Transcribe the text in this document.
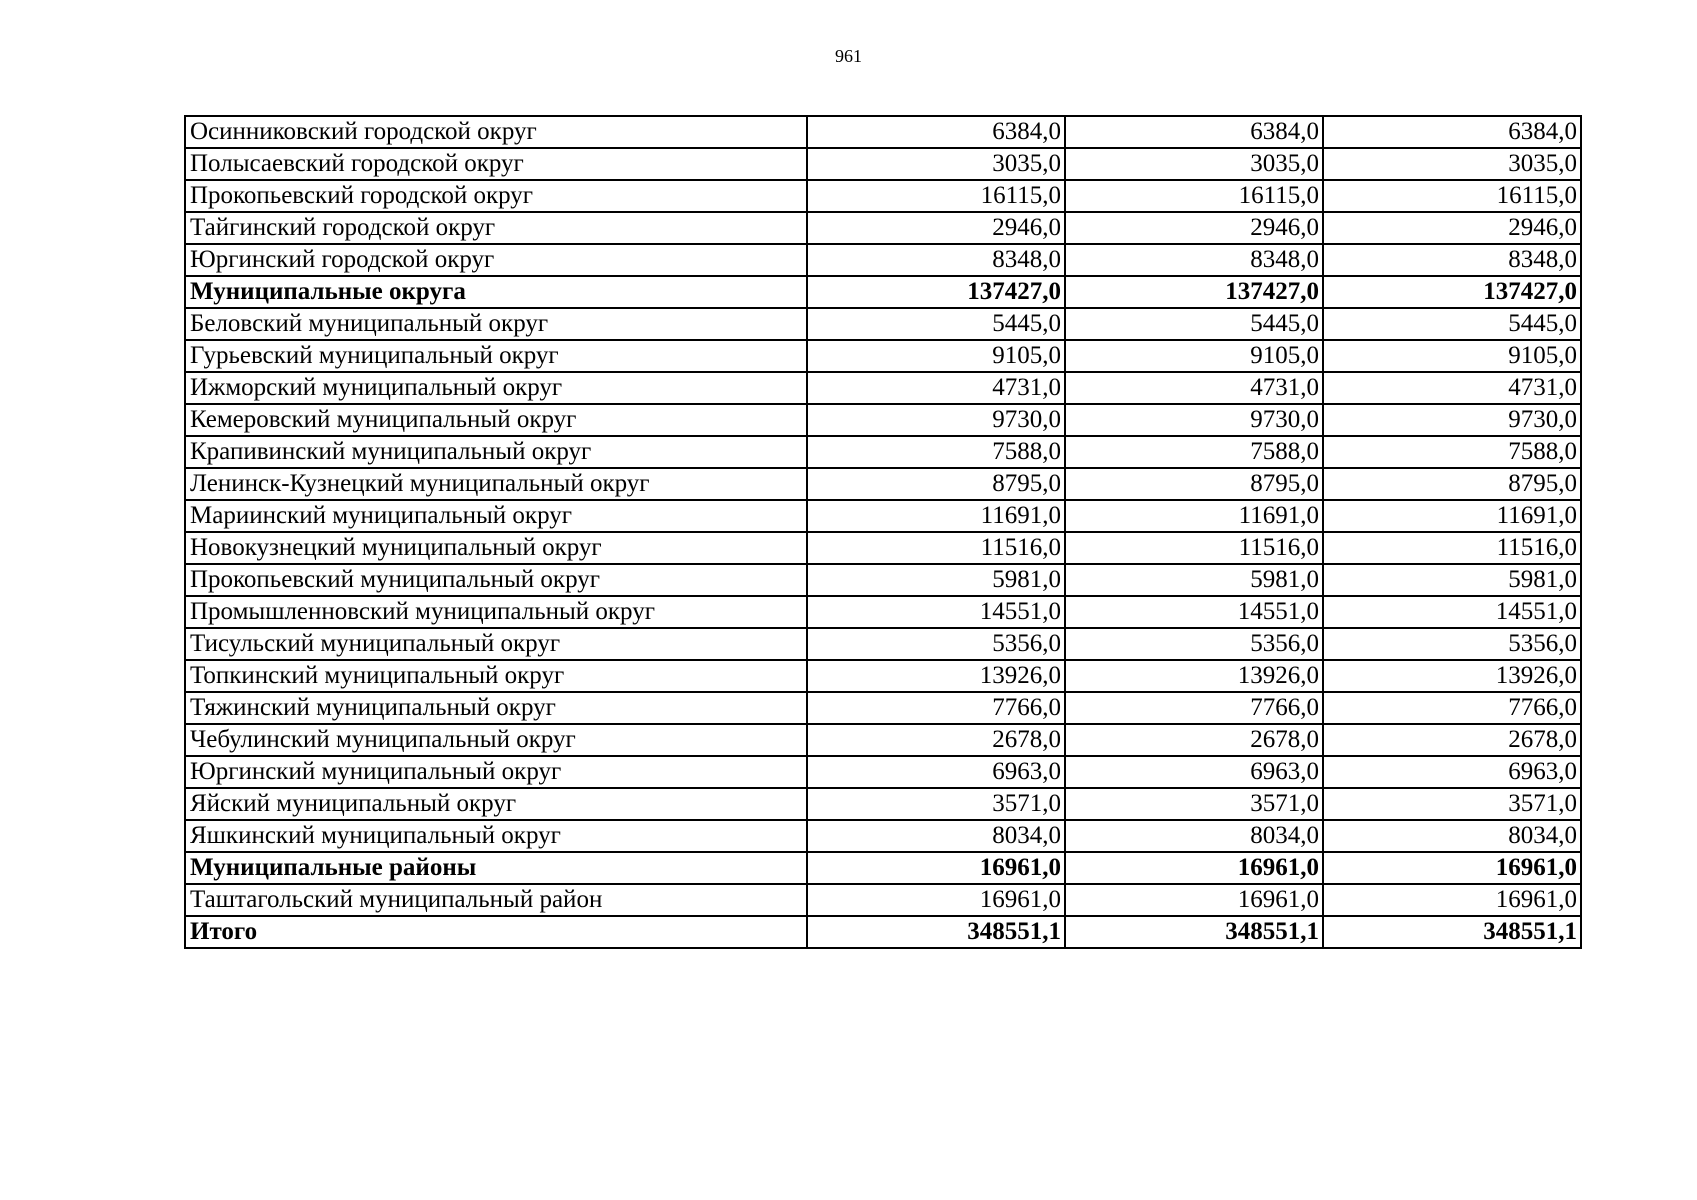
961
Осинниковский городской округ	6384,0	6384,0	6384,0
Полысаевский городской округ	3035,0	3035,0	3035,0
Прокопьевский городской округ	16115,0	16115,0	16115,0
Тайгинский городской округ	2946,0	2946,0	2946,0
Юргинский городской округ	8348,0	8348,0	8348,0
Муниципальные округа	137427,0	137427,0	137427,0
Беловский муниципальный округ	5445,0	5445,0	5445,0
Гурьевский муниципальный округ	9105,0	9105,0	9105,0
Ижморский муниципальный округ	4731,0	4731,0	4731,0
Кемеровский муниципальный округ	9730,0	9730,0	9730,0
Крапивинский муниципальный округ	7588,0	7588,0	7588,0
Ленинск-Кузнецкий муниципальный округ	8795,0	8795,0	8795,0
Мариинский муниципальный округ	11691,0	11691,0	11691,0
Новокузнецкий муниципальный округ	11516,0	11516,0	11516,0
Прокопьевский муниципальный округ	5981,0	5981,0	5981,0
Промышленновский муниципальный округ	14551,0	14551,0	14551,0
Тисульский муниципальный округ	5356,0	5356,0	5356,0
Топкинский муниципальный округ	13926,0	13926,0	13926,0
Тяжинский муниципальный округ	7766,0	7766,0	7766,0
Чебулинский муниципальный округ	2678,0	2678,0	2678,0
Юргинский муниципальный округ	6963,0	6963,0	6963,0
Яйский муниципальный округ	3571,0	3571,0	3571,0
Яшкинский муниципальный округ	8034,0	8034,0	8034,0
Муниципальные районы	16961,0	16961,0	16961,0
Таштагольский муниципальный район	16961,0	16961,0	16961,0
Итого	348551,1	348551,1	348551,1
